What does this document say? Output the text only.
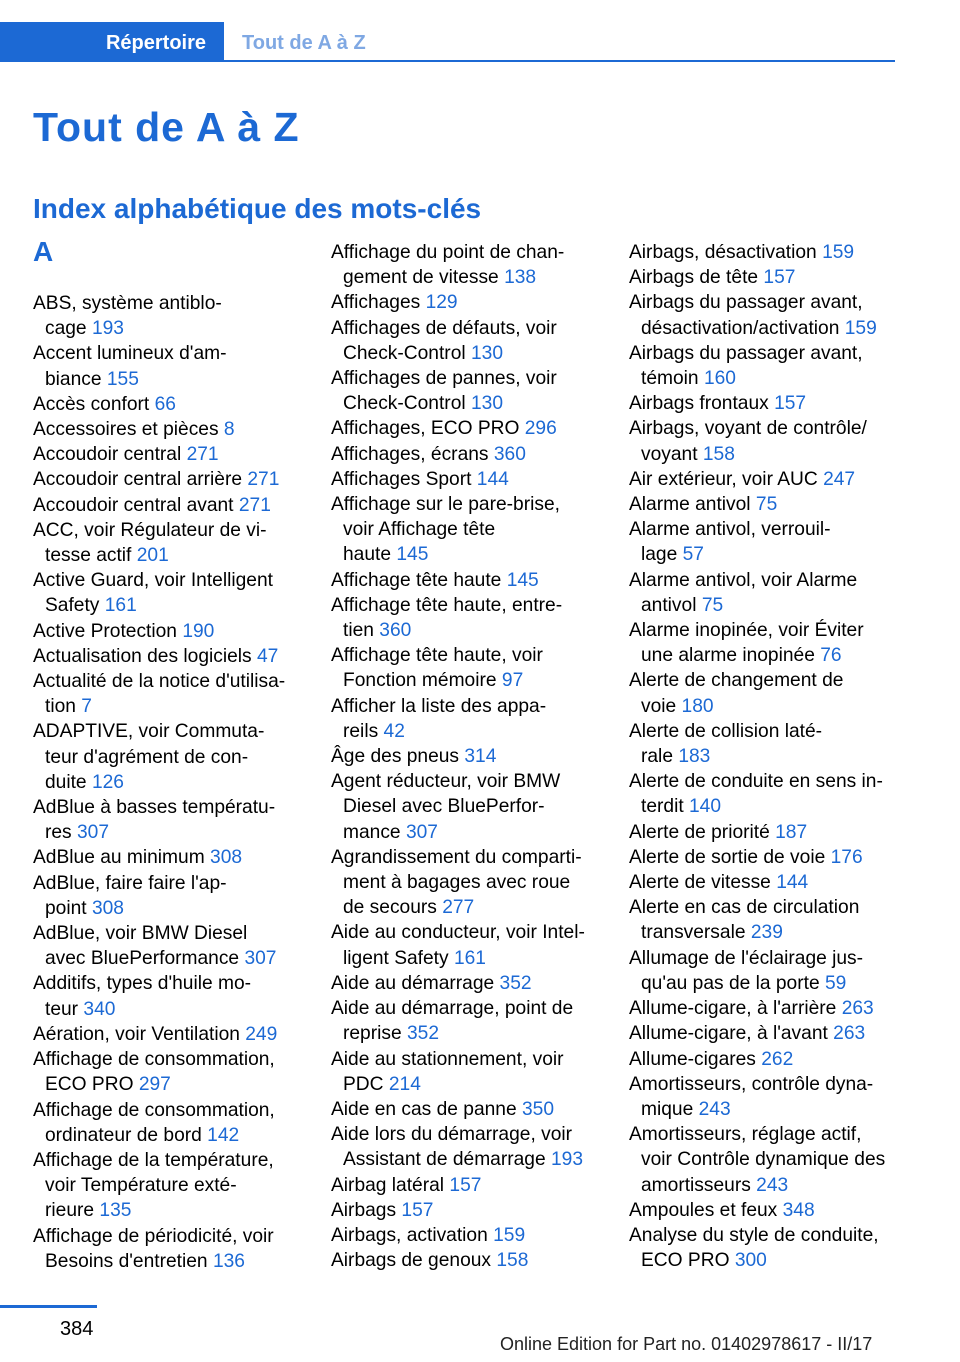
Répertoire	Tout de A à Z
Tout de A à Z
Index alphabétique des mots-clés
A
ABS, système antiblo-
cage 193
Accent lumineux d'am-
biance 155
Accès confort 66
Accessoires et pièces 8
Accoudoir central 271
Accoudoir central arrière 271
Accoudoir central avant 271
ACC, voir Régulateur de vi-
tesse actif 201
Active Guard, voir Intelligent
Safety 161
Active Protection 190
Actualisation des logiciels 47
Actualité de la notice d'utilisa-
tion 7
ADAPTIVE, voir Commuta-
teur d'agrément de con-
duite 126
AdBlue à basses températu-
res 307
AdBlue au minimum 308
AdBlue, faire faire l'ap-
point 308
AdBlue, voir BMW Diesel
avec BluePerformance 307
Additifs, types d'huile mo-
teur 340
Aération, voir Ventilation 249
Affichage de consommation,
ECO PRO 297
Affichage de consommation,
ordinateur de bord 142
Affichage de la température,
voir Température exté-
rieure 135
Affichage de périodicité, voir
Besoins d'entretien 136
Affichage du point de chan-
gement de vitesse 138
Affichages 129
Affichages de défauts, voir
Check-Control 130
Affichages de pannes, voir
Check-Control 130
Affichages, ECO PRO 296
Affichages, écrans 360
Affichages Sport 144
Affichage sur le pare-brise,
voir Affichage tête
haute 145
Affichage tête haute 145
Affichage tête haute, entre-
tien 360
Affichage tête haute, voir
Fonction mémoire 97
Afficher la liste des appa-
reils 42
Âge des pneus 314
Agent réducteur, voir BMW
Diesel avec BluePerfor-
mance 307
Agrandissement du comparti-
ment à bagages avec roue
de secours 277
Aide au conducteur, voir Intel-
ligent Safety 161
Aide au démarrage 352
Aide au démarrage, point de
reprise 352
Aide au stationnement, voir
PDC 214
Aide en cas de panne 350
Aide lors du démarrage, voir
Assistant de démarrage 193
Airbag latéral 157
Airbags 157
Airbags, activation 159
Airbags de genoux 158
Airbags, désactivation 159
Airbags de tête 157
Airbags du passager avant,
désactivation/activation 159
Airbags du passager avant,
témoin 160
Airbags frontaux 157
Airbags, voyant de contrôle/
voyant 158
Air extérieur, voir AUC 247
Alarme antivol 75
Alarme antivol, verrouil-
lage 57
Alarme antivol, voir Alarme
antivol 75
Alarme inopinée, voir Éviter
une alarme inopinée 76
Alerte de changement de
voie 180
Alerte de collision laté-
rale 183
Alerte de conduite en sens in-
terdit 140
Alerte de priorité 187
Alerte de sortie de voie 176
Alerte de vitesse 144
Alerte en cas de circulation
transversale 239
Allumage de l'éclairage jus-
qu'au pas de la porte 59
Allume-cigare, à l'arrière 263
Allume-cigare, à l'avant 263
Allume-cigares 262
Amortisseurs, contrôle dyna-
mique 243
Amortisseurs, réglage actif,
voir Contrôle dynamique des
amortisseurs 243
Ampoules et feux 348
Analyse du style de conduite,
ECO PRO 300
384
Online Edition for Part no. 01402978617 - II/17
